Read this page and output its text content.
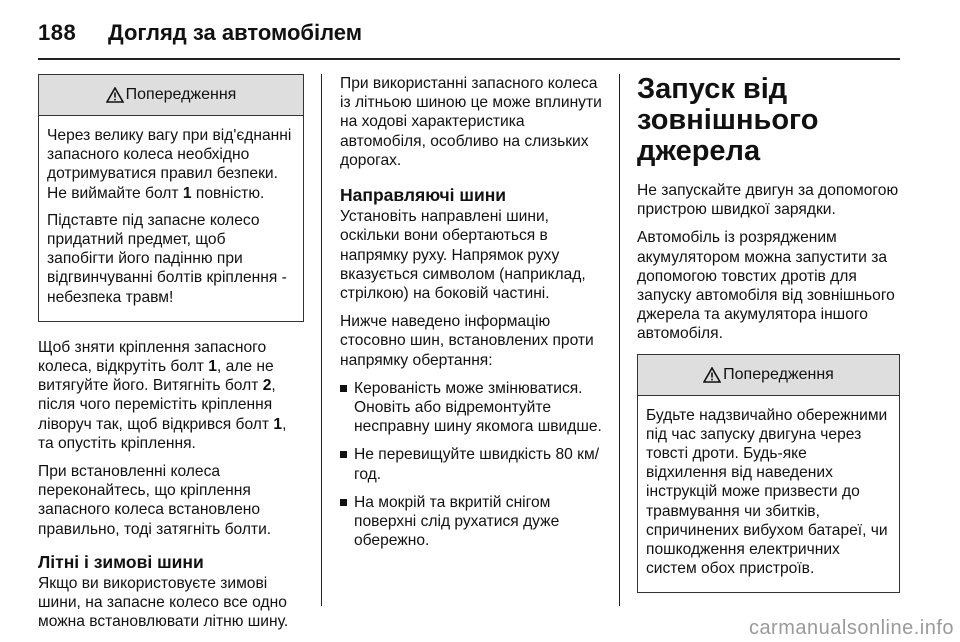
188 Догляд за автомобілем
Попередження

Через велику вагу при від'єднанні запасного колеса необхідно дотримуватися правил безпеки. Не виймайте болт 1 повністю.

Підставте під запасне колесо придатний предмет, щоб запобігти його падінню при відгвинчуванні болтів кріплення - небезпека травм!

Щоб зняти кріплення запасного колеса, відкрутіть болт 1, але не витягуйте його. Витягніть болт 2, після чого перемістіть кріплення ліворуч так, щоб відкрився болт 1, та опустіть кріплення.

При встановленні колеса переконайтесь, що кріплення запасного колеса встановлено правильно, тоді затягніть болти.

Літні і зимові шини

Якщо ви використовуєте зимові шини, на запасне колесо все одно можна встановлювати літню шину.

При використанні запасного колеса із літньою шиною це може вплинути на ходові характеристика автомобіля, особливо на слизьких дорогах.

Направляючі шини

Установіть направлені шини, оскільки вони обертаються в напрямку руху. Напрямок руху вказується символом (наприклад, стрілкою) на боковій частині.

Нижче наведено інформацію стосовно шин, встановлених проти напрямку обертання:

Керованість може змінюватися. Оновіть або відремонтуйте несправну шину якомога швидше.
Не перевищуйте швидкість 80 км/год.
На мокрій та вкритій снігом поверхні слід рухатися дуже обережно.
Запуск від зовнішнього джерела

Не запускайте двигун за допомогою пристрою швидкої зарядки.

Автомобіль із розрядженим акумулятором можна запустити за допомогою товстих дротів для запуску автомобіля від зовнішнього джерела та акумулятора іншого автомобіля.

Попередження

Будьте надзвичайно обережними під час запуску двигуна через товсті дроти. Будь-яке відхилення від наведених інструкцій може призвести до травмування чи збитків, спричинених вибухом батареї, чи пошкодження електричних систем обох пристроїв.

carmanualsonline.info
